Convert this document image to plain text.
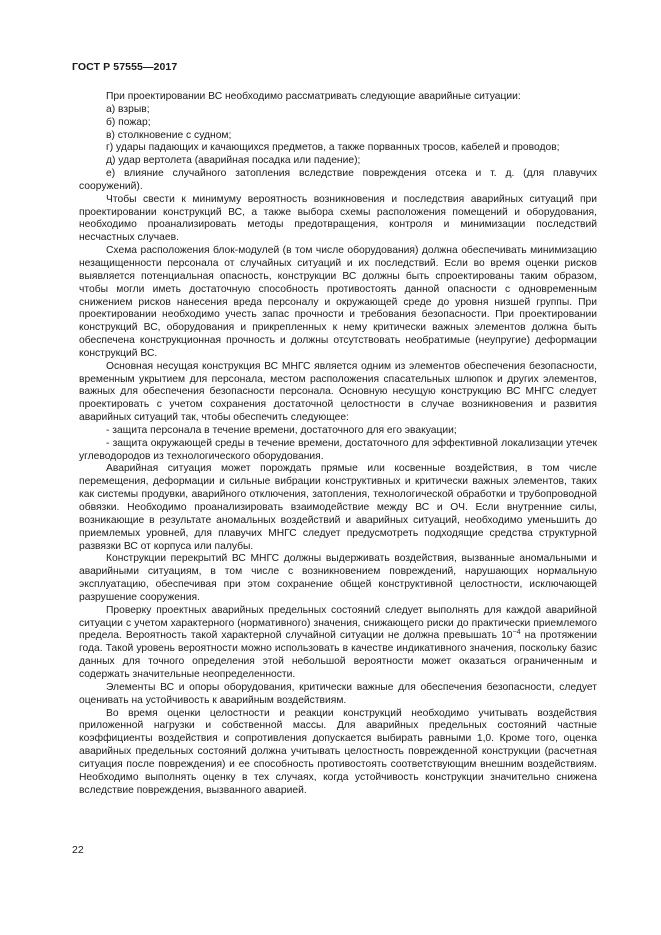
ГОСТ Р 57555—2017

При проектировании ВС необходимо рассматривать следующие аварийные ситуации:

а) взрыв;

б) пожар;

в) столкновение с судном;

г) удары падающих и качающихся предметов, а также порванных тросов, кабелей и проводов;

д) удар вертолета (аварийная посадка или падение);

е) влияние случайного затопления вследствие повреждения отсека и т. д. (для плавучих сооружений).

Чтобы свести к минимуму вероятность возникновения и последствия аварийных ситуаций при проектировании конструкций ВС, а также выбора схемы расположения помещений и оборудования, необходимо проанализировать методы предотвращения, контроля и минимизации последствий несчастных случаев.

Схема расположения блок-модулей (в том числе оборудования) должна обеспечивать минимизацию незащищенности персонала от случайных ситуаций и их последствий. Если во время оценки рисков выявляется потенциальная опасность, конструкции ВС должны быть спроектированы таким образом, чтобы могли иметь достаточную способность противостоять данной опасности с одновременным снижением рисков нанесения вреда персоналу и окружающей среде до уровня низшей группы. При проектировании необходимо учесть запас прочности и требования безопасности. При проектировании конструкций ВС, оборудования и прикрепленных к нему критически важных элементов должна быть обеспечена конструкционная прочность и должны отсутствовать необратимые (неупругие) деформации конструкций ВС.

Основная несущая конструкция ВС МНГС является одним из элементов обеспечения безопасности, временным укрытием для персонала, местом расположения спасательных шлюпок и других элементов, важных для обеспечения безопасности персонала. Основную несущую конструкцию ВС МНГС следует проектировать с учетом сохранения достаточной целостности в случае возникновения и развития аварийных ситуаций так, чтобы обеспечить следующее:

- защита персонала в течение времени, достаточного для его эвакуации;

- защита окружающей среды в течение времени, достаточного для эффективной локализации утечек углеводородов из технологического оборудования.

Аварийная ситуация может порождать прямые или косвенные воздействия, в том числе перемещения, деформации и сильные вибрации конструктивных и критически важных элементов, таких как системы продувки, аварийного отключения, затопления, технологической обработки и трубопроводной обвязки. Необходимо проанализировать взаимодействие между ВС и ОЧ. Если внутренние силы, возникающие в результате аномальных воздействий и аварийных ситуаций, необходимо уменьшить до приемлемых уровней, для плавучих МНГС следует предусмотреть подходящие средства структурной развязки ВС от корпуса или палубы.

Конструкции перекрытий ВС МНГС должны выдерживать воздействия, вызванные аномальными и аварийными ситуациям, в том числе с возникновением повреждений, нарушающих нормальную эксплуатацию, обеспечивая при этом сохранение общей конструктивной целостности, исключающей разрушение сооружения.

Проверку проектных аварийных предельных состояний следует выполнять для каждой аварийной ситуации с учетом характерного (нормативного) значения, снижающего риски до практически приемлемого предела. Вероятность такой характерной случайной ситуации не должна превышать $10^{-4}$ на протяжении года. Такой уровень вероятности можно использовать в качестве индикативного значения, поскольку базис данных для точного определения этой небольшой вероятности может оказаться ограниченным и содержать значительные неопределенности.

Элементы ВС и опоры оборудования, критически важные для обеспечения безопасности, следует оценивать на устойчивость к аварийным воздействиям.

Во время оценки целостности и реакции конструкций необходимо учитывать воздействия приложенной нагрузки и собственной массы. Для аварийных предельных состояний частные коэффициенты воздействия и сопротивления допускается выбирать равными 1,0. Кроме того, оценка аварийных предельных состояний должна учитывать целостность поврежденной конструкции (расчетная ситуация после повреждения) и ее способность противостоять соответствующим внешним воздействиям. Необходимо выполнять оценку в тех случаях, когда устойчивость конструкции значительно снижена вследствие повреждения, вызванного аварией.

22
